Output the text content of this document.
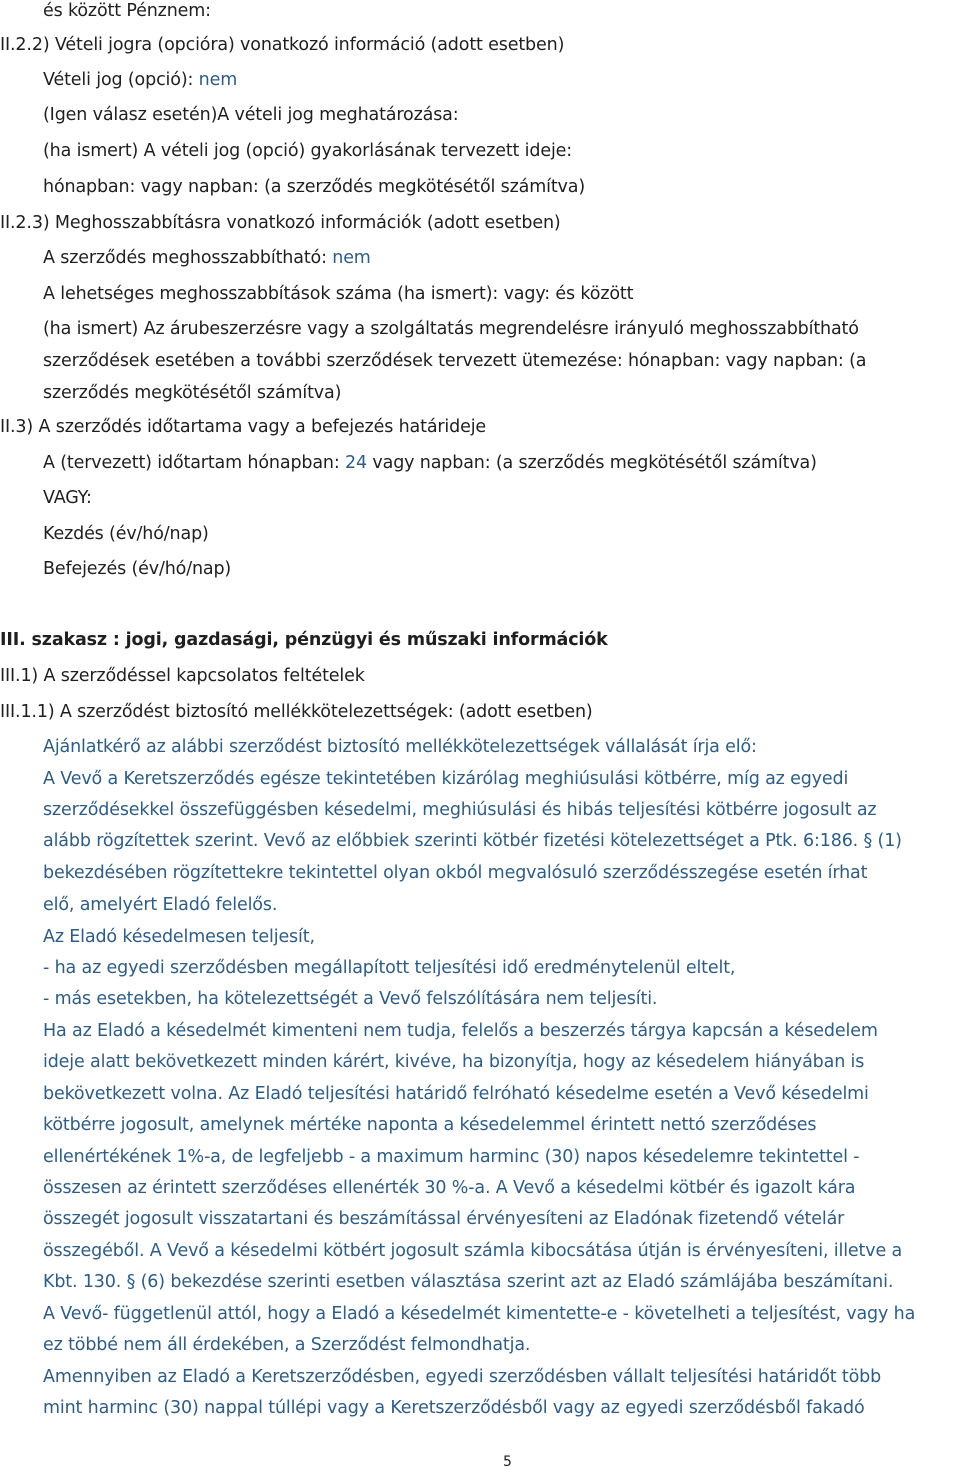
és között Pénznem:
II.2.2) Vételi jogra (opcióra) vonatkozó információ (adott esetben)
Vételi jog (opció): nem
(Igen válasz esetén)A vételi jog meghatározása:
(ha ismert) A vételi jog (opció) gyakorlásának tervezett ideje:
hónapban: vagy napban: (a szerződés megkötésétől számítva)
II.2.3) Meghosszabbításra vonatkozó információk (adott esetben)
A szerződés meghosszabbítható: nem
A lehetséges meghosszabbítások száma (ha ismert): vagy: és között
(ha ismert) Az árubeszerzésre vagy a szolgáltatás megrendelésre irányuló meghosszabbítható
szerződések esetében a további szerződések tervezett ütemezése: hónapban: vagy napban: (a
szerződés megkötésétől számítva)
II.3) A szerződés időtartama vagy a befejezés határideje
A (tervezett) időtartam hónapban: 24 vagy napban: (a szerződés megkötésétől számítva)
VAGY:
Kezdés (év/hó/nap)
Befejezés (év/hó/nap)
III. szakasz : jogi, gazdasági, pénzügyi és műszaki információk
III.1) A szerződéssel kapcsolatos feltételek
III.1.1) A szerződést biztosító mellékkötelezettségek: (adott esetben)
Ajánlatkérő az alábbi szerződést biztosító mellékkötelezettségek vállalását írja elő:
A Vevő a Keretszerződés egésze tekintetében kizárólag meghiúsulási kötbérre, míg az egyedi
szerződésekkel összefüggésben késedelmi, meghiúsulási és hibás teljesítési kötbérre jogosult az
alább rögzítettek szerint. Vevő az előbbiek szerinti kötbér fizetési kötelezettséget a Ptk. 6:186. § (1)
bekezdésében rögzítettekre tekintettel olyan okból megvalósuló szerződésszegése esetén írhat
elő, amelyért Eladó felelős.
Az Eladó késedelmesen teljesít,
- ha az egyedi szerződésben megállapított teljesítési idő eredménytelenül eltelt,
- más esetekben, ha kötelezettségét a Vevő felszólítására nem teljesíti.
Ha az Eladó a késedelmét kimenteni nem tudja, felelős a beszerzés tárgya kapcsán a késedelem
ideje alatt bekövetkezett minden kárért, kivéve, ha bizonyítja, hogy az késedelem hiányában is
bekövetkezett volna. Az Eladó teljesítési határidő felróható késedelme esetén a Vevő késedelmi
kötbérre jogosult, amelynek mértéke naponta a késedelemmel érintett nettó szerződéses
ellenértékének 1%-a, de legfeljebb - a maximum harminc (30) napos késedelemre tekintettel -
összesen az érintett szerződéses ellenérték 30 %-a. A Vevő a késedelmi kötbér és igazolt kára
összegét jogosult visszatartani és beszámítással érvényesíteni az Eladónak fizetendő vételár
összegéből. A Vevő a késedelmi kötbért jogosult számla kibocsátása útján is érvényesíteni, illetve a
Kbt. 130. § (6) bekezdése szerinti esetben választása szerint azt az Eladó számlájába beszámítani.
A Vevő- függetlenül attól, hogy a Eladó a késedelmét kimentette-e - követelheti a teljesítést, vagy ha
ez többé nem áll érdekében, a Szerződést felmondhatja.
Amennyiben az Eladó a Keretszerződésben, egyedi szerződésben vállalt teljesítési határidőt több
mint harminc (30) nappal túllépi vagy a Keretszerződésből vagy az egyedi szerződésből fakadó
5
